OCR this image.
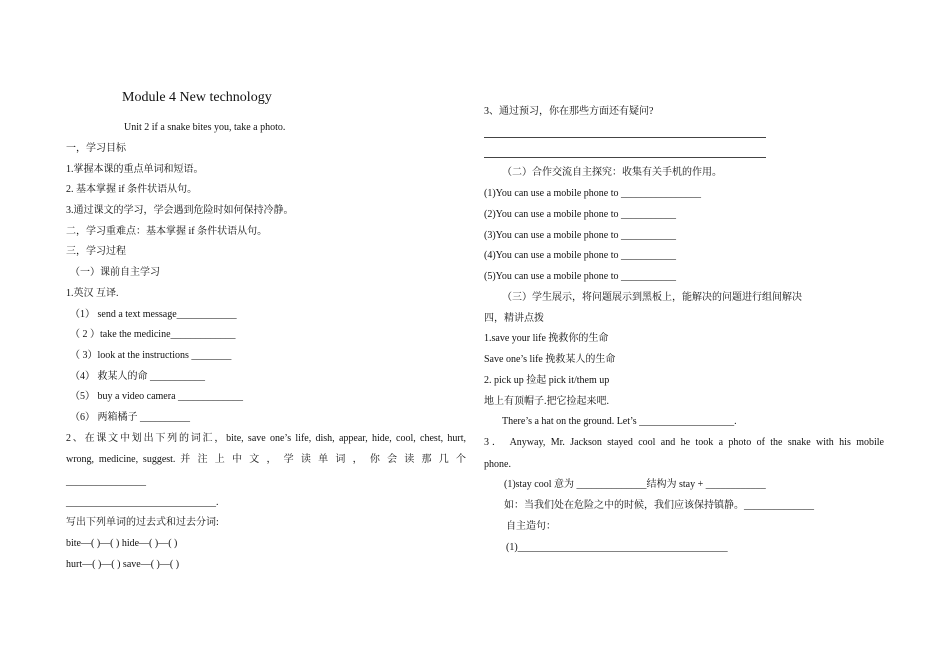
Module 4 New technology
Unit 2 if a snake bites you, take a photo.
一，学习目标
1.掌握本课的重点单词和短语。
2. 基本掌握 if 条件状语从句。
3.通过课文的学习，学会遇到危险时如何保持冷静。
二，学习重难点：基本掌握 if 条件状语从句。
三，学习过程
（一）课前自主学习
1.英汉 互译.
（1） send a text message____________
（ 2 ）take the medicine_____________
（ 3）look at the instructions ________
（4） 救某人的命 ___________
（5） buy a video camera _____________
（6） 两箱橘子 __________
2、在课文中划出下列的词汇，bite, save one’s life, dish, appear, hide, cool, chest, hurt,
wrong, medicine, suggest. 并 注 上 中 文 ， 学 读 单 词 ， 你 会 读 那 几 个
________________
______________________________.
写出下列单词的过去式和过去分词:
bite—( )—( ) hide—( )—( )
hurt—( )—( ) save—( )—( )
3、通过预习，你在那些方面还有疑问?
（二）合作交流自主探究：收集有关手机的作用。
(1)You can use a mobile phone to ________________
(2)You can use a mobile phone to ___________
(3)You can use a mobile phone to ___________
(4)You can use a mobile phone to ___________
(5)You can use a mobile phone to ___________
（三）学生展示，将问题展示到黑板上，能解决的问题进行组间解决
四，精讲点拨
1.save your life 挽救你的生命
Save one’s life 挽救某人的生命
2. pick up 捡起 pick it/them up
地上有顶帽子.把它捡起来吧.
There’s a hat on the ground. Let’s ___________________.
3． Anyway, Mr. Jackson stayed cool and he took a photo of the snake with his mobile
phone.
(1)stay cool 意为 ______________结构为 stay + ____________
如：当我们处在危险之中的时候，我们应该保持镇静。______________
自主造句：
(1)__________________________________________
